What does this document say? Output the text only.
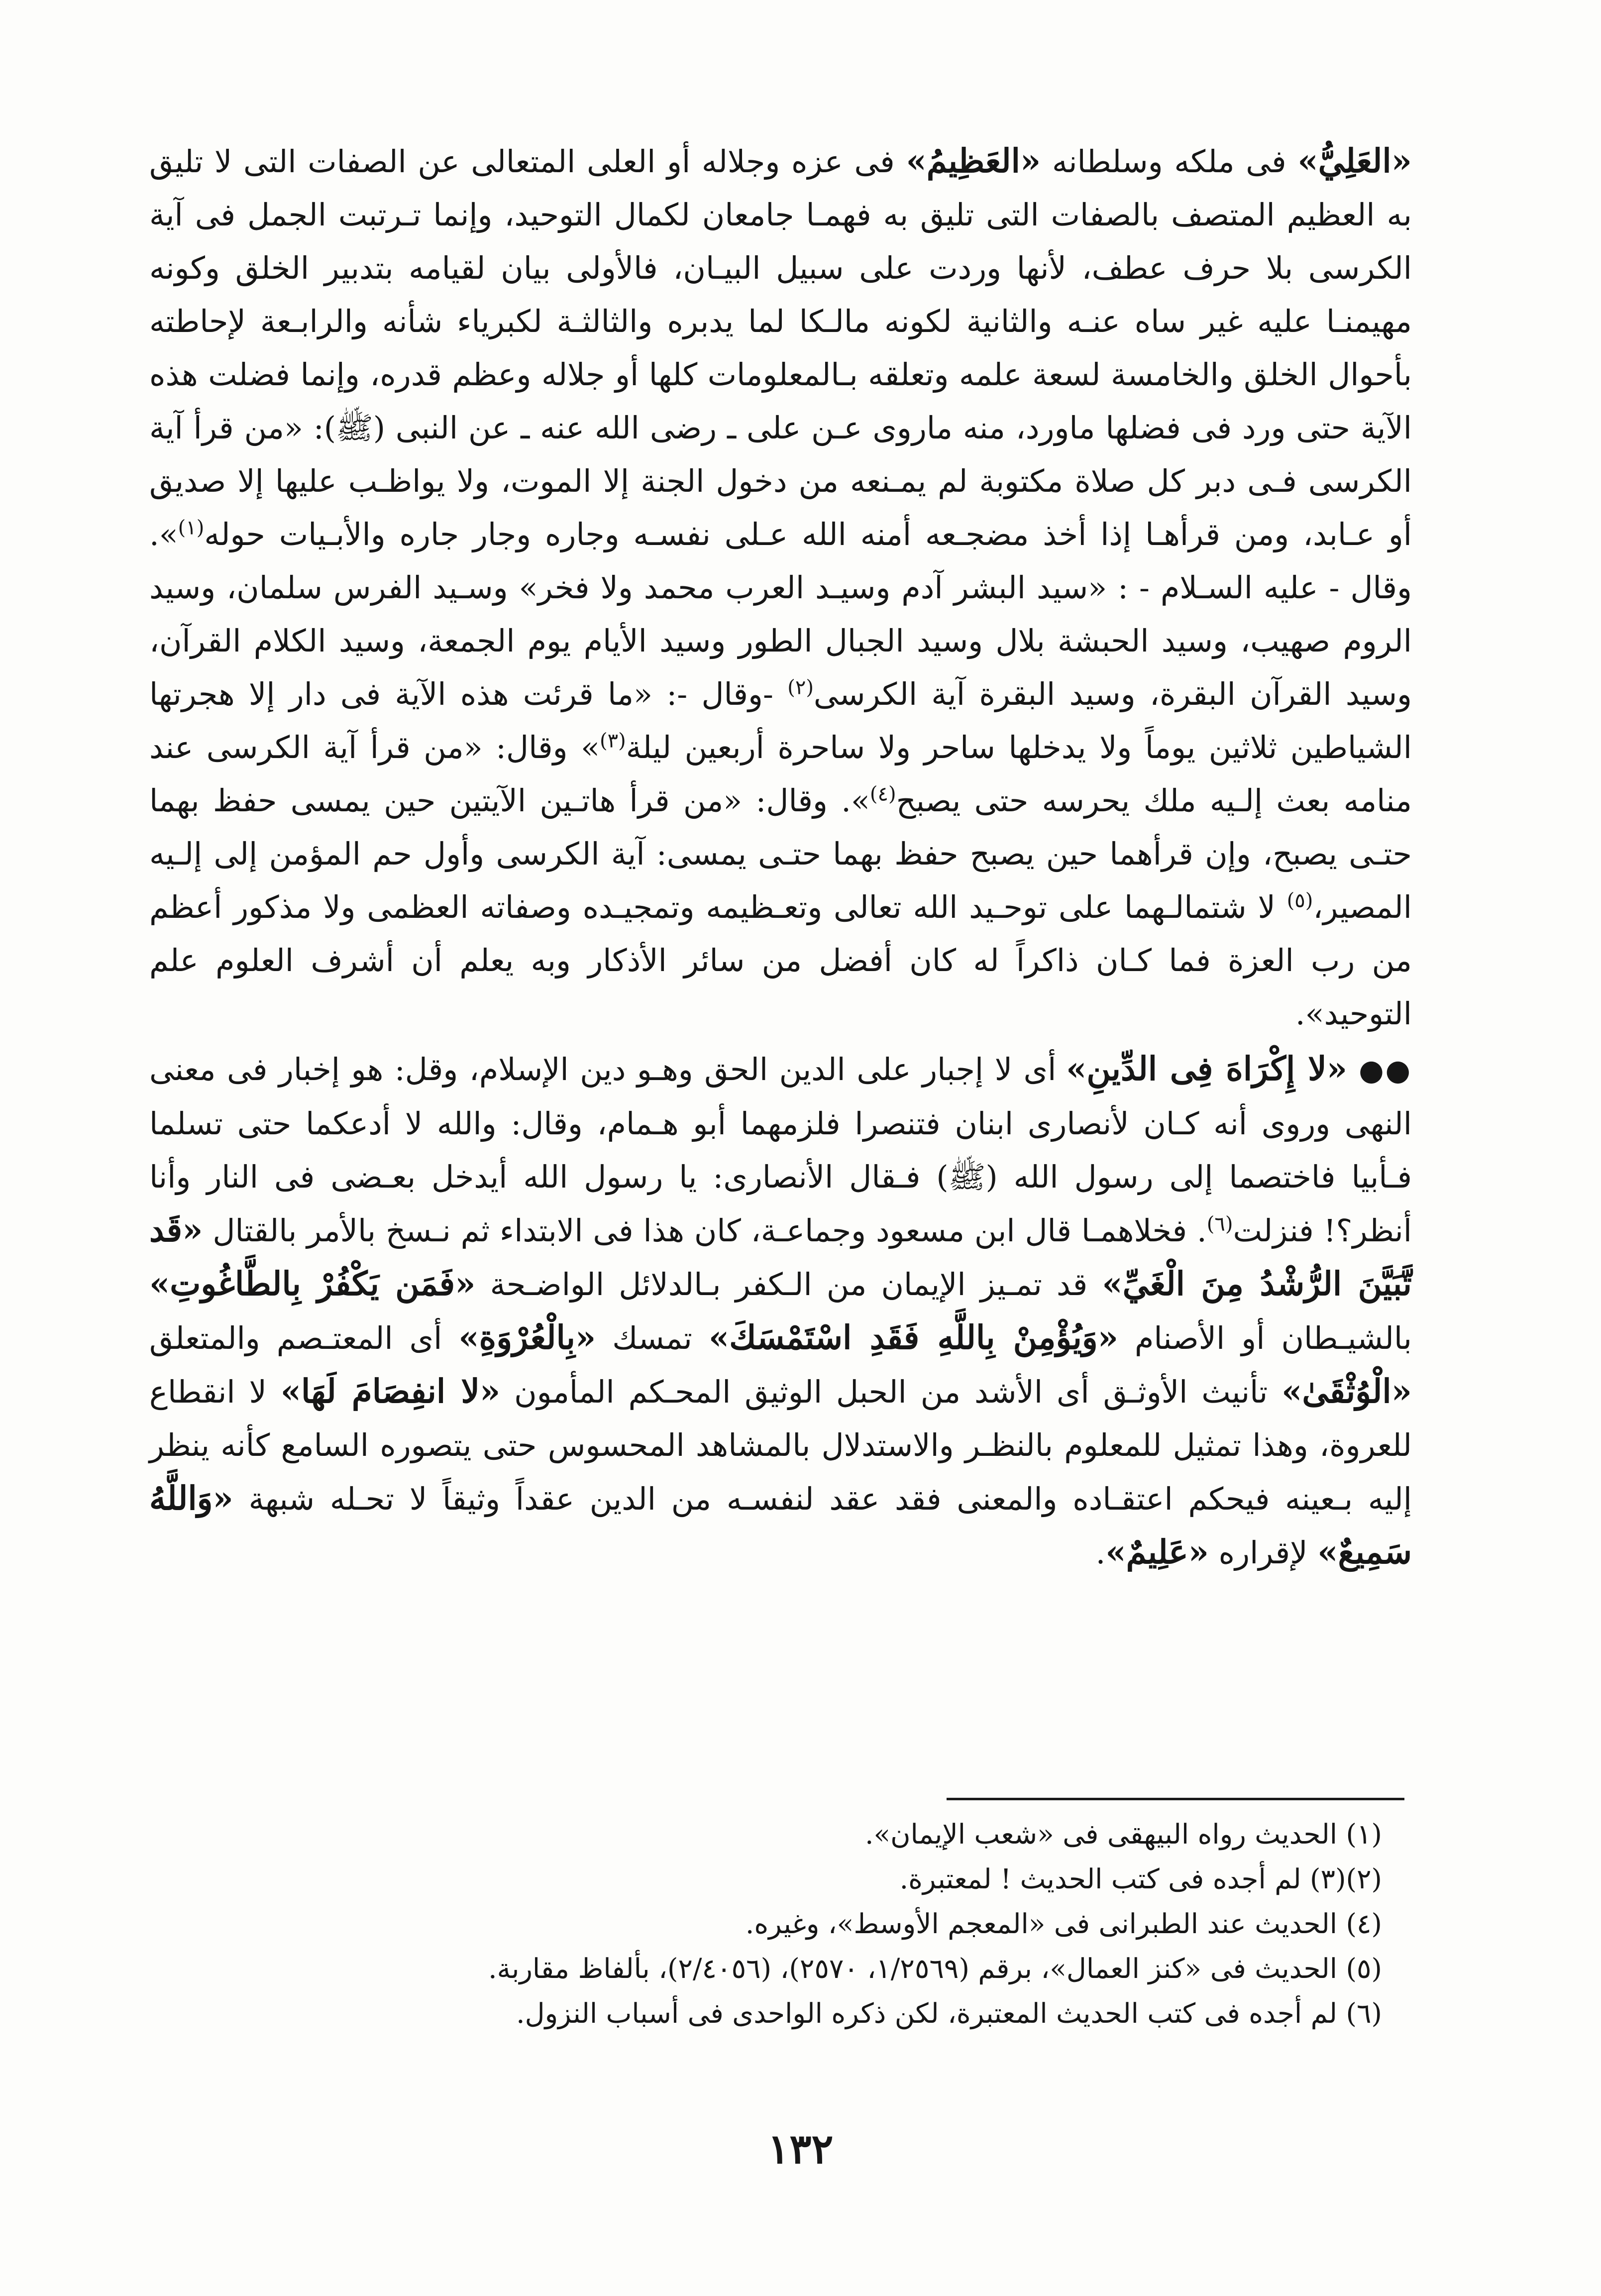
«العَلِيُّ» فى ملكه وسلطانه «العَظِيمُ» فى عزه وجلاله أو العلى المتعالى عن الصفات التى لا تليق به العظيم المتصف بالصفات التى تليق به فهمـا جامعان لكمال التوحيد، وإنما تـرتبت الجمل فى آية الكرسى بلا حرف عطف، لأنها وردت على سبيل البيـان، فالأولى بيان لقيامه بتدبير الخلق وكونه مهيمنـا عليه غير ساه عنـه والثانية لكونه مالـكا لما يدبره والثالثـة لكبرياء شأنه والرابـعة لإحاطته بأحوال الخلق والخامسة لسعة علمه وتعلقه بـالمعلومات كلها أو جلاله وعظم قدره، وإنما فضلت هذه الآية حتى ورد فى فضلها ماورد، منه ماروى عـن على ـ رضى الله عنه ـ عن النبى (ﷺ): «من قرأ آية الكرسى فـى دبر كل صلاة مكتوبة لم يمـنعه من دخول الجنة إلا الموت، ولا يواظـب عليها إلا صديق أو عـابد، ومن قرأهـا إذا أخذ مضجـعه أمنه الله عـلى نفسـه وجاره وجار جاره والأبـيات حوله$^{(١)}$». وقال - عليه السـلام - : «سيد البشر آدم وسيـد العرب محمد ولا فخر» وسـيد الفرس سلمان، وسيد الروم صهيب، وسيد الحبشة بلال وسيد الجبال الطور وسيد الأيام يوم الجمعة، وسيد الكلام القرآن، وسيد القرآن البقرة، وسيد البقرة آية الكرسى$^{(٢)}$ -وقال -: «ما قرئت هذه الآية فى دار إلا هجرتها الشياطين ثلاثين يوماً ولا يدخلها ساحر ولا ساحرة أربعين ليلة$^{(٣)}$» وقال: «من قرأ آية الكرسى عند منامه بعث إلـيه ملك يحرسه حتى يصبح$^{(٤)}$». وقال: «من قرأ هاتـين الآيتين حين يمسى حفظ بهما حتـى يصبح، وإن قرأهما حين يصبح حفظ بهما حتـى يمسى: آية الكرسى وأول حم المؤمن إلى إلـيه المصير،$^{(٥)}$ لا شتمالـهما على توحـيد الله تعالى وتعـظيمه وتمجيـده وصفاته العظمى ولا مذكور أعظم من رب العزة فما كـان ذاكراً له كان أفضل من سائر الأذكار وبه يعلم أن أشرف العلوم علم التوحيد».

●● «لا إِكْرَاهَ فِى الدِّينِ» أى لا إجبار على الدين الحق وهـو دين الإسلام، وقل: هو إخبار فى معنى النهى وروى أنه كـان لأنصارى ابنان فتنصرا فلزمهما أبو هـمام، وقال: والله لا أدعكما حتى تسلما فـأبيا فاختصما إلى رسول الله (ﷺ) فـقال الأنصارى: يا رسول الله أيدخل بعـضى فى النار وأنا أنظر؟! فنزلت$^{(٦)}$. فخلاهمـا قال ابن مسعود وجماعـة، كان هذا فى الابتداء ثم نـسخ بالأمر بالقتال «قَد تَّبَيَّنَ الرُّشْدُ مِنَ الْغَيِّ» قد تمـيز الإيمان من الـكفر بـالدلائل الواضـحة «فَمَن يَكْفُرْ بِالطَّاغُوتِ» بالشيـطان أو الأصنام «وَيُؤْمِنْ بِاللَّهِ فَقَدِ اسْتَمْسَكَ» تمسك «بِالْعُرْوَةِ» أى المعتـصم والمتعلق «الْوُثْقَىٰ» تأنيث الأوثـق أى الأشد من الحبل الوثيق المحـكم المأمون «لا انفِصَامَ لَهَا» لا انقطاع للعروة، وهذا تمثيل للمعلوم بالنظـر والاستدلال بالمشاهد المحسوس حتى يتصوره السامع كأنه ينظر إليه بـعينه فيحكم اعتقـاده والمعنى فقد عقد لنفسـه من الدين عقداً وثيقاً لا تحـله شبهة «وَاللَّهُ سَمِيعٌ» لإقراره «عَلِيمٌ».

(١) الحديث رواه البيهقى فى «شعب الإيمان».

(٢)(٣) لم أجده فى كتب الحديث ! لمعتبرة.

(٤) الحديث عند الطبرانى فى «المعجم الأوسط»، وغيره.

(٥) الحديث فى «كنز العمال»، برقم (١/٢٥٦٩، ٢٥٧٠)، (٢/٤٠٥٦)، بألفاظ مقاربة.

(٦) لم أجده فى كتب الحديث المعتبرة، لكن ذكره الواحدى فى أسباب النزول.

١٣٢
